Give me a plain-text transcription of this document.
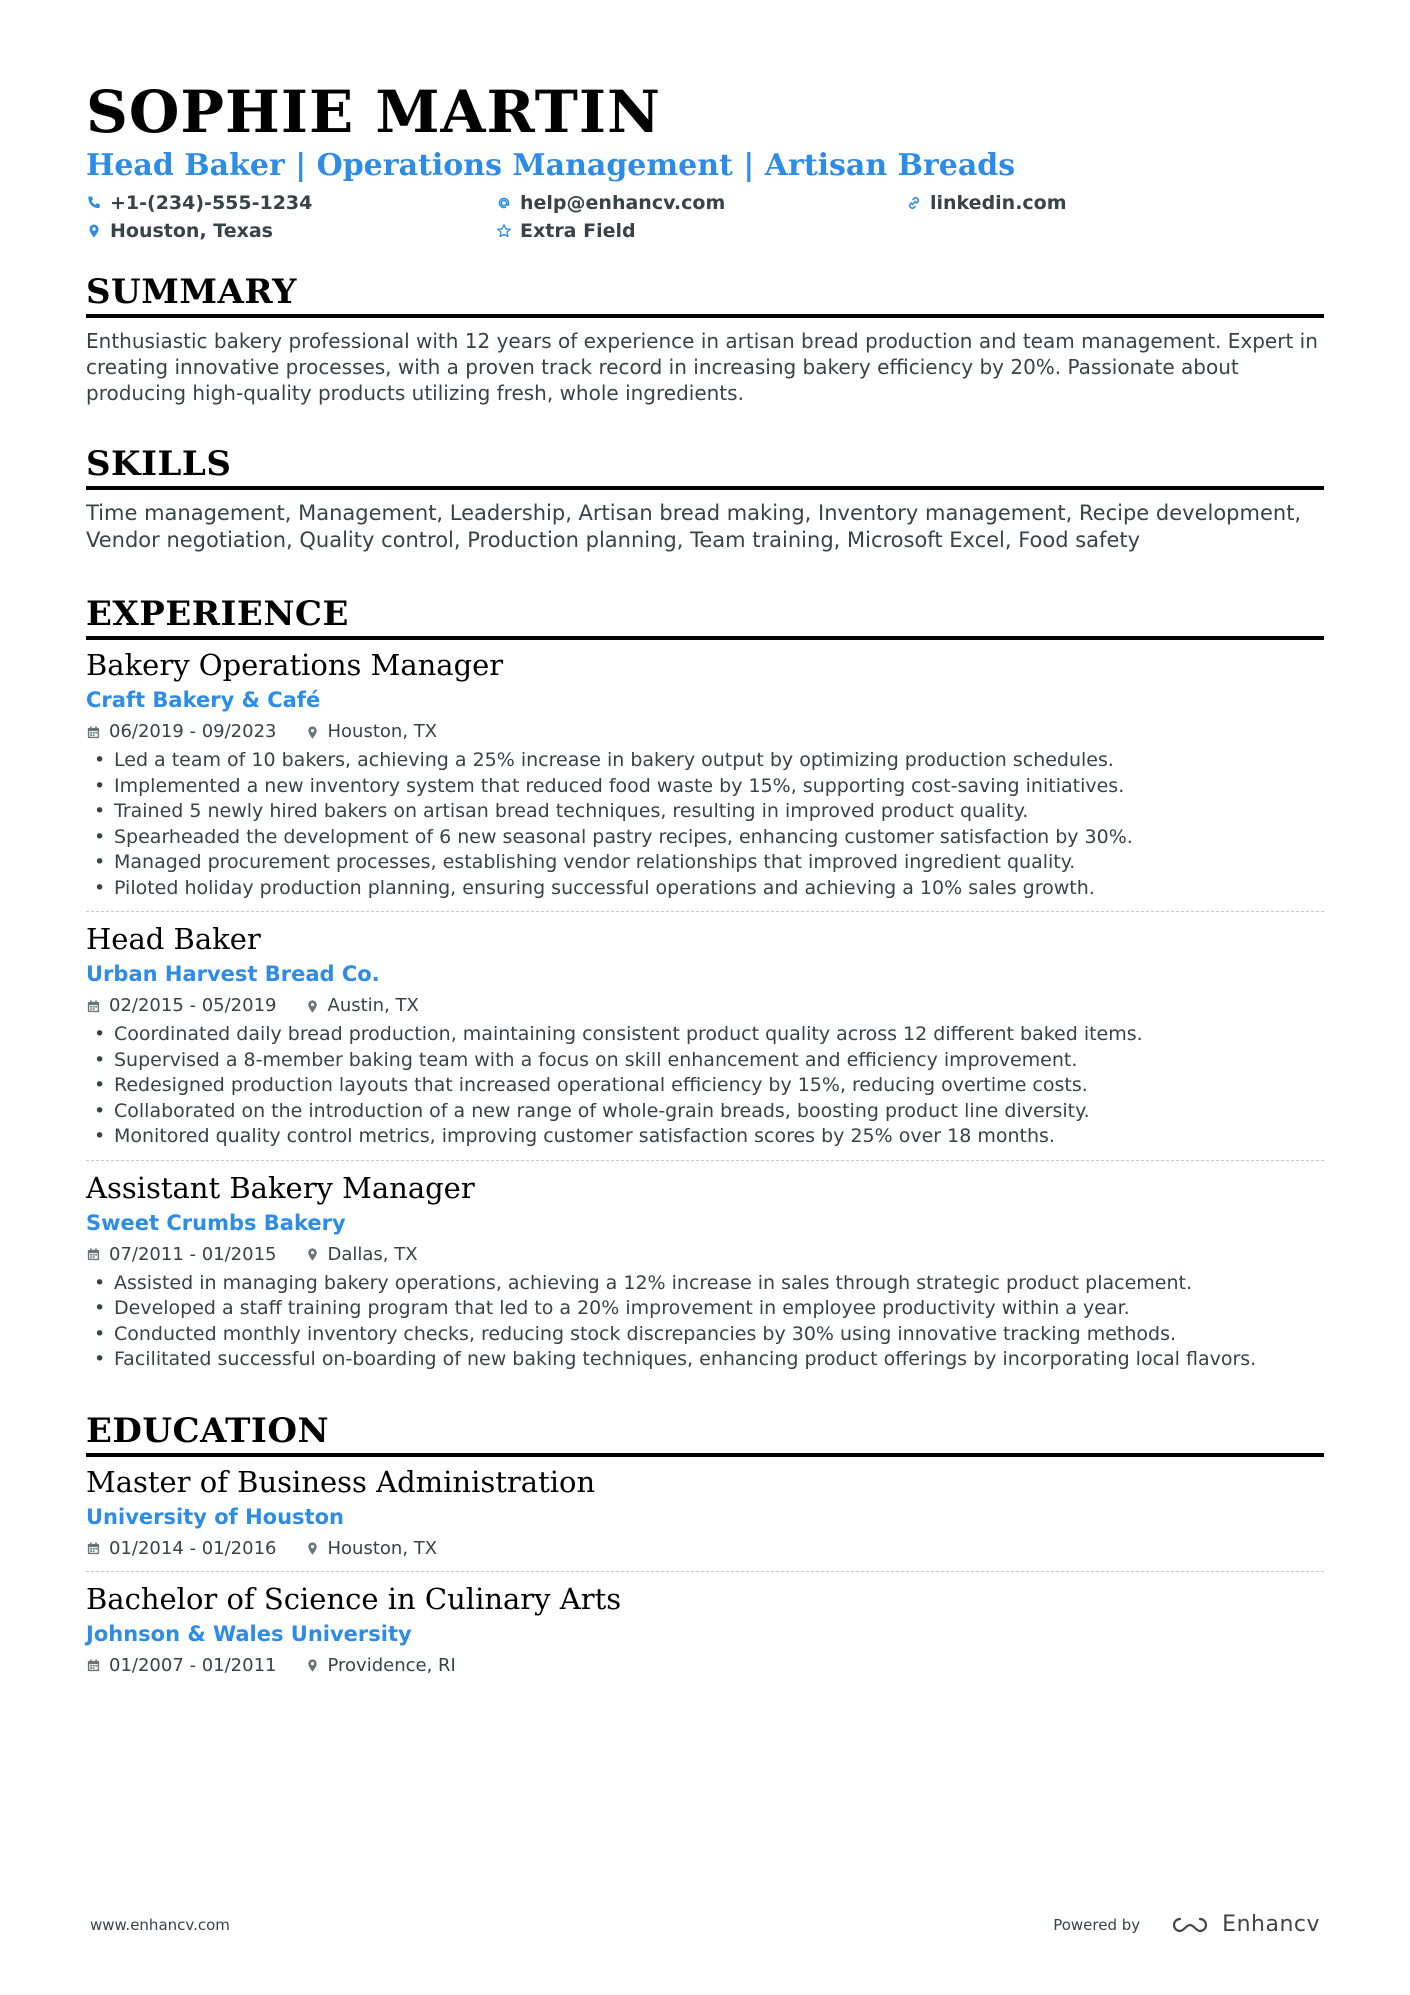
SOPHIE MARTIN
Head Baker | Operations Management | Artisan Breads
+1-(234)-555-1234	help@enhancv.com	linkedin.com
Houston, Texas	Extra Field
SUMMARY
Enthusiastic bakery professional with 12 years of experience in artisan bread production and team management. Expert in creating innovative processes, with a proven track record in increasing bakery efficiency by 20%. Passionate about producing high-quality products utilizing fresh, whole ingredients.
SKILLS
Time management, Management, Leadership, Artisan bread making, Inventory management, Recipe development, Vendor negotiation, Quality control, Production planning, Team training, Microsoft Excel, Food safety
EXPERIENCE
Bakery Operations Manager
Craft Bakery & Café
06/2019 - 09/2023	Houston, TX
• Led a team of 10 bakers, achieving a 25% increase in bakery output by optimizing production schedules.
• Implemented a new inventory system that reduced food waste by 15%, supporting cost-saving initiatives.
• Trained 5 newly hired bakers on artisan bread techniques, resulting in improved product quality.
• Spearheaded the development of 6 new seasonal pastry recipes, enhancing customer satisfaction by 30%.
• Managed procurement processes, establishing vendor relationships that improved ingredient quality.
• Piloted holiday production planning, ensuring successful operations and achieving a 10% sales growth.
Head Baker
Urban Harvest Bread Co.
02/2015 - 05/2019	Austin, TX
• Coordinated daily bread production, maintaining consistent product quality across 12 different baked items.
• Supervised a 8-member baking team with a focus on skill enhancement and efficiency improvement.
• Redesigned production layouts that increased operational efficiency by 15%, reducing overtime costs.
• Collaborated on the introduction of a new range of whole-grain breads, boosting product line diversity.
• Monitored quality control metrics, improving customer satisfaction scores by 25% over 18 months.
Assistant Bakery Manager
Sweet Crumbs Bakery
07/2011 - 01/2015	Dallas, TX
• Assisted in managing bakery operations, achieving a 12% increase in sales through strategic product placement.
• Developed a staff training program that led to a 20% improvement in employee productivity within a year.
• Conducted monthly inventory checks, reducing stock discrepancies by 30% using innovative tracking methods.
• Facilitated successful on-boarding of new baking techniques, enhancing product offerings by incorporating local flavors.
EDUCATION
Master of Business Administration
University of Houston
01/2014 - 01/2016	Houston, TX
Bachelor of Science in Culinary Arts
Johnson & Wales University
01/2007 - 01/2011	Providence, RI
www.enhancv.com	Powered by	Enhancv
